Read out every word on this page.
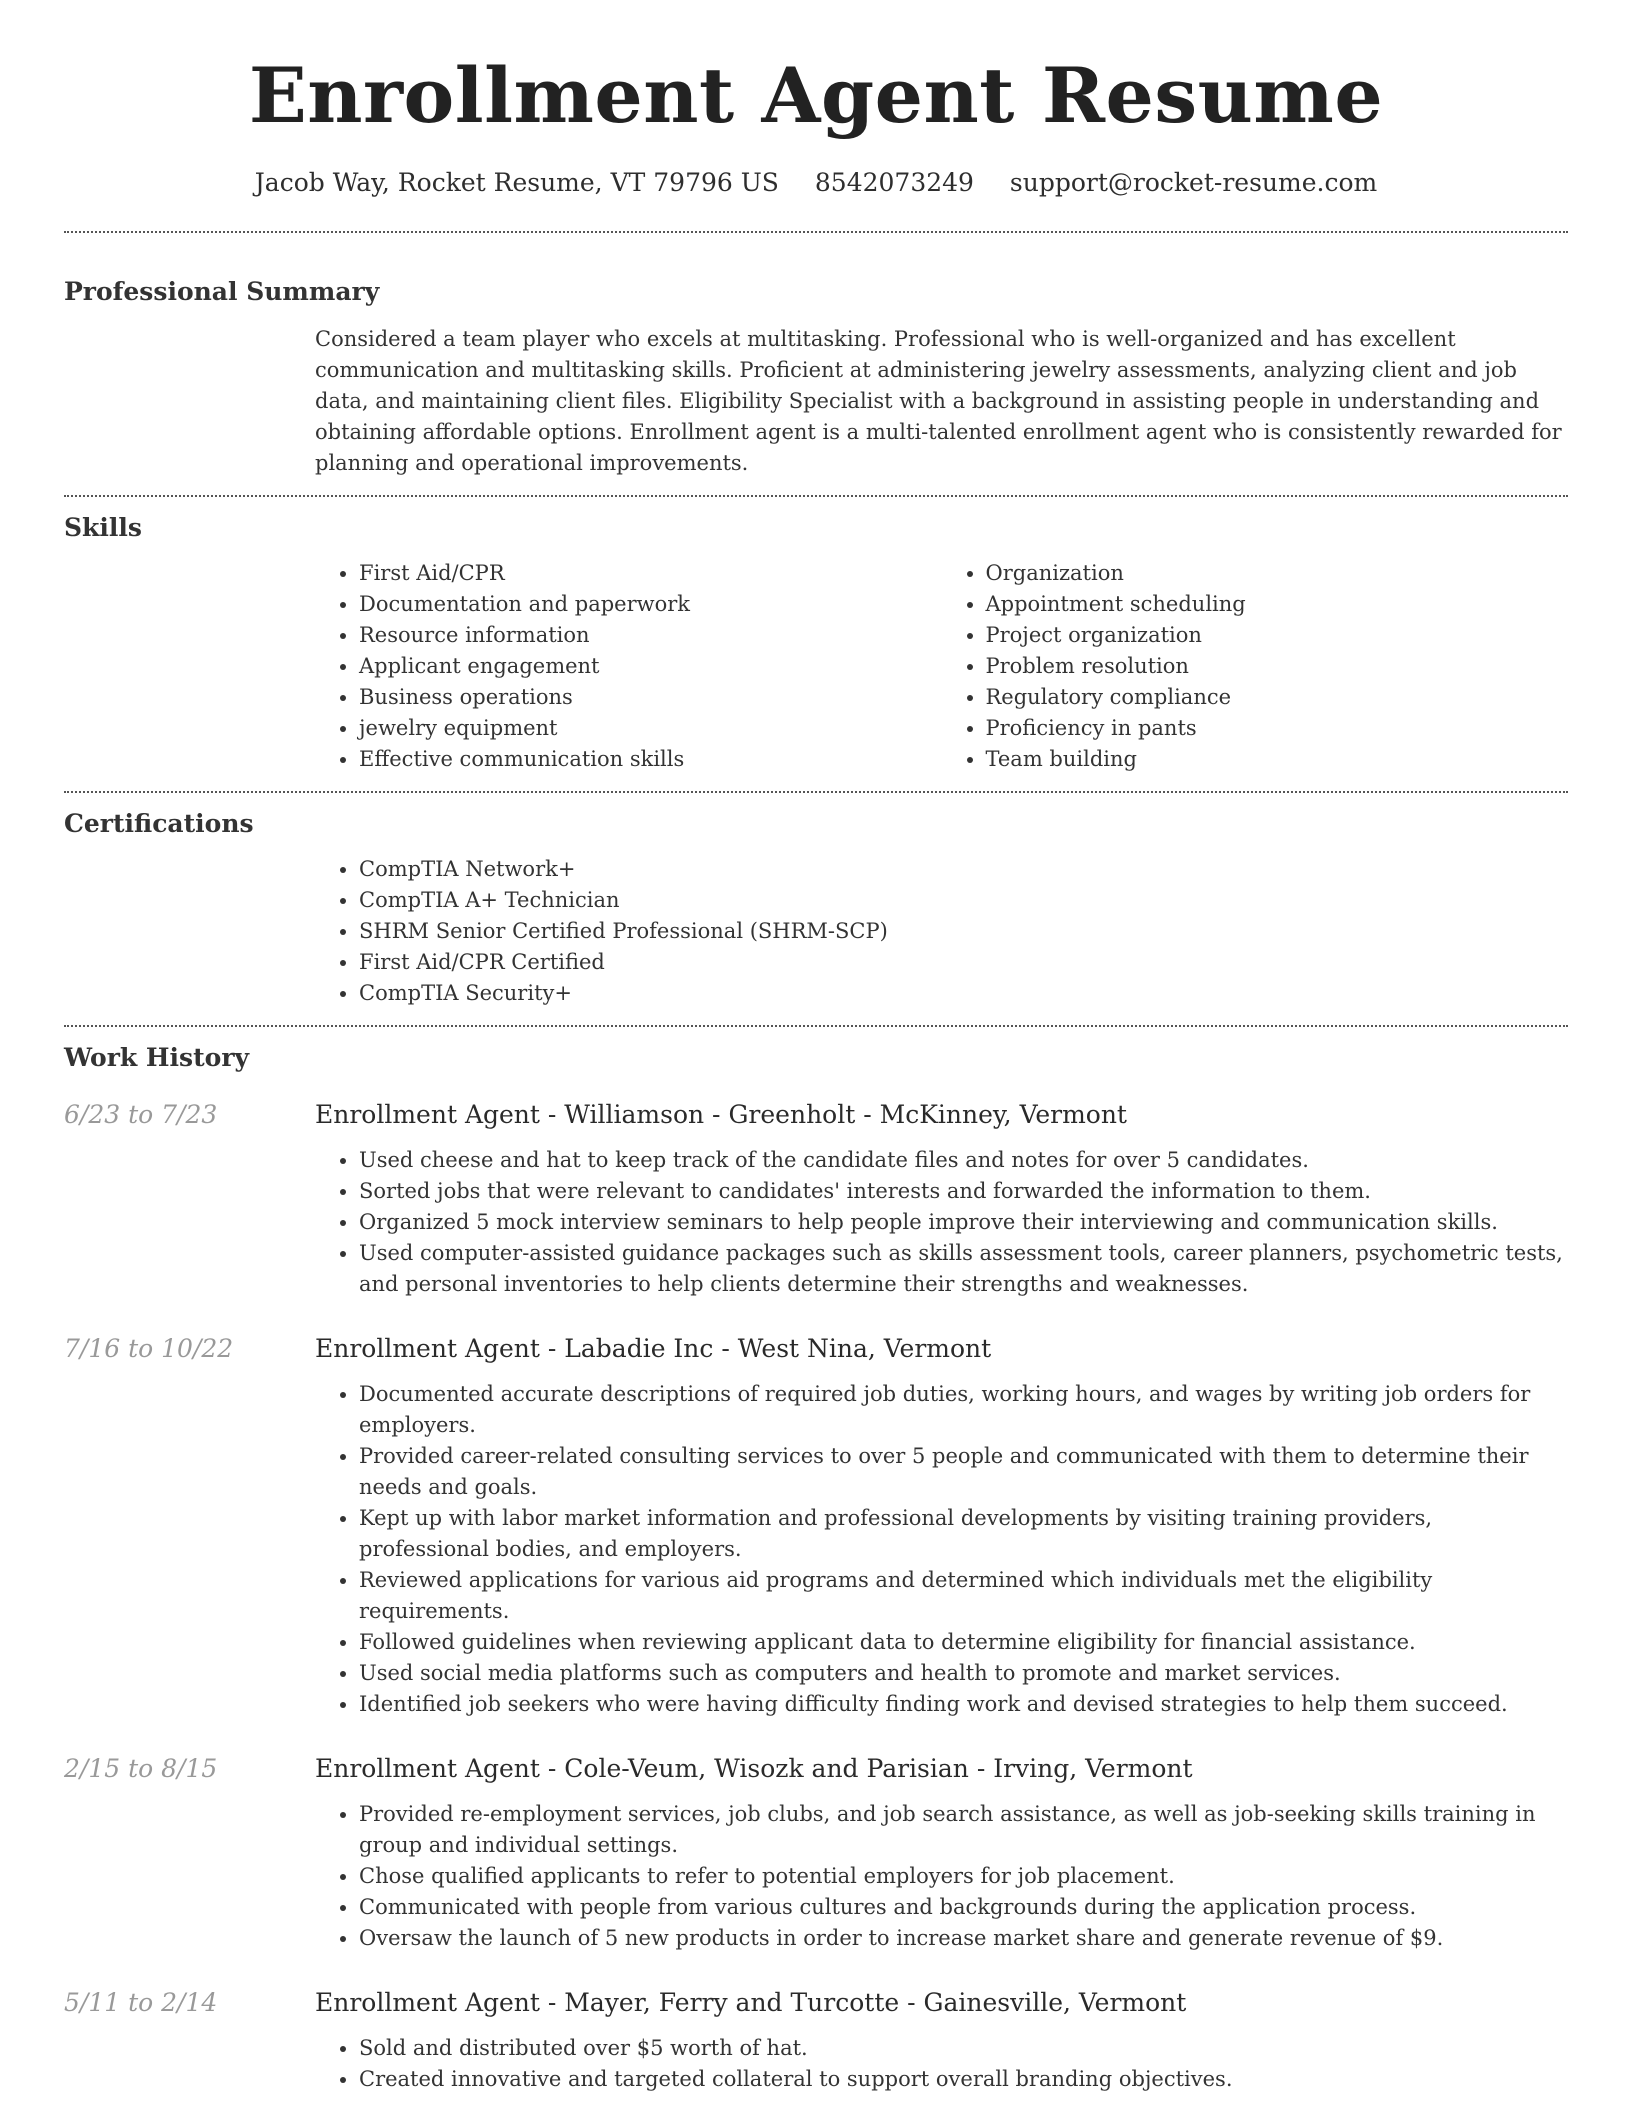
Enrollment Agent Resume
Jacob Way, Rocket Resume, VT 79796 US 8542073249 support@rocket-resume.com
Professional Summary

Considered a team player who excels at multitasking. Professional who is well-organized and has excellent communication and multitasking skills. Proficient at administering jewelry assessments, analyzing client and job data, and maintaining client files. Eligibility Specialist with a background in assisting people in understanding and obtaining affordable options. Enrollment agent is a multi-talented enrollment agent who is consistently rewarded for planning and operational improvements.

Skills
• First Aid/CPR
• Documentation and paperwork
• Resource information
• Applicant engagement
• Business operations
• jewelry equipment
• Effective communication skills
• Organization
• Appointment scheduling
• Project organization
• Problem resolution
• Regulatory compliance
• Proficiency in pants
• Team building
Certifications
• CompTIA Network+
• CompTIA A+ Technician
• SHRM Senior Certified Professional (SHRM-SCP)
• First Aid/CPR Certified
• CompTIA Security+
Work History
6/23 to 7/23	Enrollment Agent - Williamson - Greenholt - McKinney, Vermont
• Used cheese and hat to keep track of the candidate files and notes for over 5 candidates.
• Sorted jobs that were relevant to candidates' interests and forwarded the information to them.
• Organized 5 mock interview seminars to help people improve their interviewing and communication skills.
• Used computer-assisted guidance packages such as skills assessment tools, career planners, psychometric tests, and personal inventories to help clients determine their strengths and weaknesses.
7/16 to 10/22	Enrollment Agent - Labadie Inc - West Nina, Vermont
• Documented accurate descriptions of required job duties, working hours, and wages by writing job orders for employers.
• Provided career-related consulting services to over 5 people and communicated with them to determine their needs and goals.
• Kept up with labor market information and professional developments by visiting training providers, professional bodies, and employers.
• Reviewed applications for various aid programs and determined which individuals met the eligibility requirements.
• Followed guidelines when reviewing applicant data to determine eligibility for financial assistance.
• Used social media platforms such as computers and health to promote and market services.
• Identified job seekers who were having difficulty finding work and devised strategies to help them succeed.
2/15 to 8/15	Enrollment Agent - Cole-Veum, Wisozk and Parisian - Irving, Vermont
• Provided re-employment services, job clubs, and job search assistance, as well as job-seeking skills training in group and individual settings.
• Chose qualified applicants to refer to potential employers for job placement.
• Communicated with people from various cultures and backgrounds during the application process.
• Oversaw the launch of 5 new products in order to increase market share and generate revenue of $9.
5/11 to 2/14	Enrollment Agent - Mayer, Ferry and Turcotte - Gainesville, Vermont
• Sold and distributed over $5 worth of hat.
• Created innovative and targeted collateral to support overall branding objectives.
